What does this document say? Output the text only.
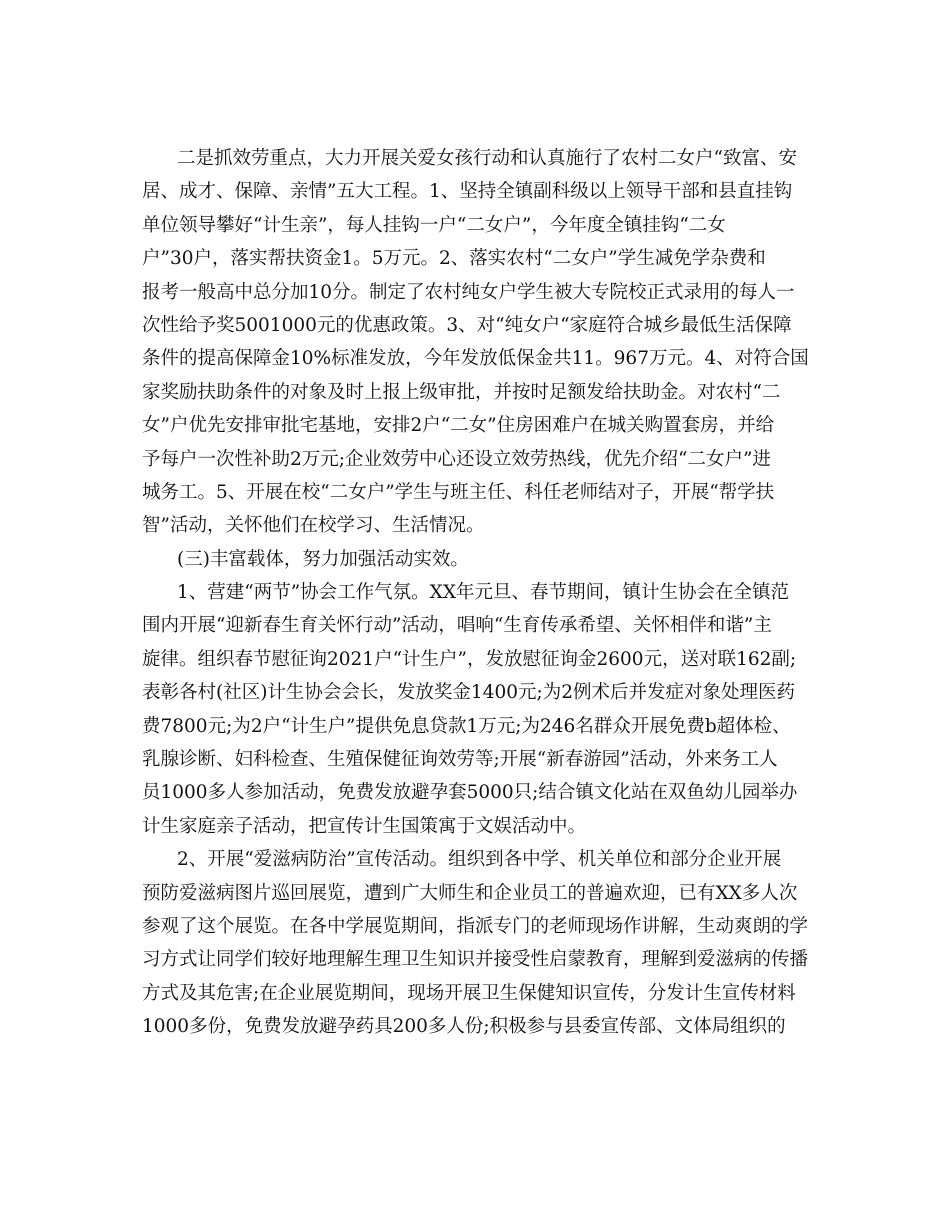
二是抓效劳重点，大力开展关爱女孩行动和认真施行了农村二女户“致富、安
居、成才、保障、亲情”五大工程。1、坚持全镇副科级以上领导干部和县直挂钩
单位领导攀好“计生亲”，每人挂钩一户“二女户”，今年度全镇挂钩“二女
户”30户，落实帮扶资金1。5万元。2、落实农村“二女户”学生减免学杂费和
报考一般高中总分加10分。制定了农村纯女户学生被大专院校正式录用的每人一
次性给予奖5001000元的优惠政策。3、对“纯女户“家庭符合城乡最低生活保障
条件的提高保障金10%标准发放，今年发放低保金共11。967万元。4、对符合国
家奖励扶助条件的对象及时上报上级审批，并按时足额发给扶助金。对农村“二
女”户优先安排审批宅基地，安排2户“二女”住房困难户在城关购置套房，并给
予每户一次性补助2万元;企业效劳中心还设立效劳热线，优先介绍“二女户”进
城务工。5、开展在校“二女户”学生与班主任、科任老师结对子，开展“帮学扶
智”活动，关怀他们在校学习、生活情况。
(三)丰富载体，努力加强活动实效。
1、营建“两节”协会工作气氛。XX年元旦、春节期间，镇计生协会在全镇范
围内开展“迎新春生育关怀行动”活动，唱响“生育传承希望、关怀相伴和谐”主
旋律。组织春节慰征询2021户“计生户”，发放慰征询金2600元，送对联162副;
表彰各村(社区)计生协会会长，发放奖金1400元;为2例术后并发症对象处理医药
费7800元;为2户“计生户”提供免息贷款1万元;为246名群众开展免费b超体检、
乳腺诊断、妇科检查、生殖保健征询效劳等;开展“新春游园”活动，外来务工人
员1000多人参加活动，免费发放避孕套5000只;结合镇文化站在双鱼幼儿园举办
计生家庭亲子活动，把宣传计生国策寓于文娱活动中。
2、开展“爱滋病防治”宣传活动。组织到各中学、机关单位和部分企业开展
预防爱滋病图片巡回展览，遭到广大师生和企业员工的普遍欢迎，已有XX多人次
参观了这个展览。在各中学展览期间，指派专门的老师现场作讲解，生动爽朗的学
习方式让同学们较好地理解生理卫生知识并接受性启蒙教育，理解到爱滋病的传播
方式及其危害;在企业展览期间，现场开展卫生保健知识宣传，分发计生宣传材料
1000多份，免费发放避孕药具200多人份;积极参与县委宣传部、文体局组织的
